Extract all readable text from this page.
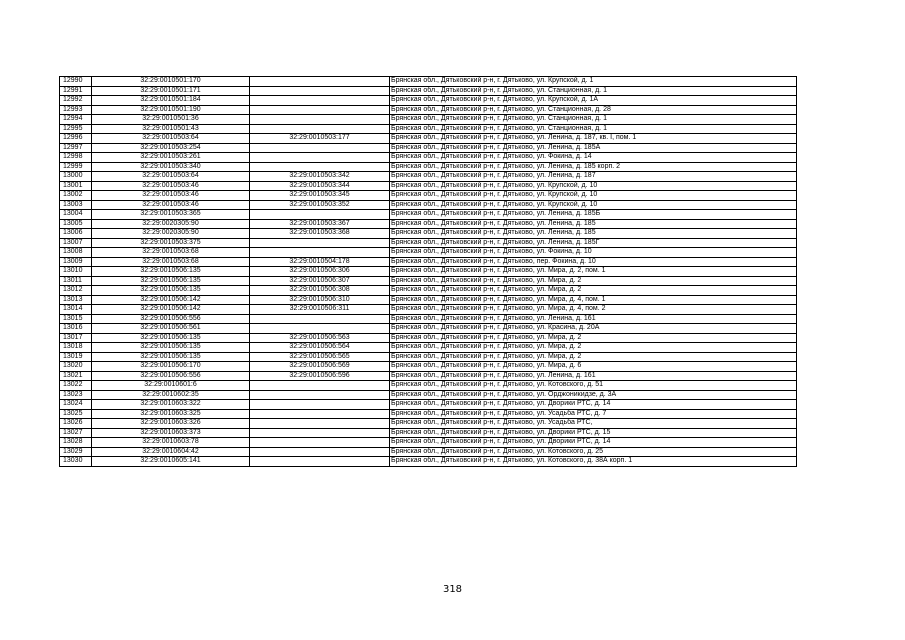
12990	32:29:0010501:170		Брянская обл., Дятьковский р-н, г. Дятьково, ул. Крупской, д. 1
12991	32:29:0010501:171		Брянская обл., Дятьковский р-н, г. Дятьково, ул. Станционная, д. 1
12992	32:29:0010501:184		Брянская обл., Дятьковский р-н, г. Дятьково, ул. Крупской, д. 1А
12993	32:29:0010501:190		Брянская обл., Дятьковский р-н, г. Дятьково, ул. Станционная, д. 28
12994	32:29:0010501:36		Брянская обл., Дятьковский р-н, г. Дятьково, ул. Станционная, д. 1
12995	32:29:0010501:43		Брянская обл., Дятьковский р-н, г. Дятьково, ул. Станционная, д. 1
12996	32:29:0010503:64	32:29:0010503:177	Брянская обл., Дятьковский р-н, г. Дятьково, ул. Ленина, д. 187, кв. I, пом. 1
12997	32:29:0010503:254		Брянская обл., Дятьковский р-н, г. Дятьково, ул. Ленина, д. 185А
12998	32:29:0010503:261		Брянская обл., Дятьковский р-н, г. Дятьково, ул. Фокина, д. 14
12999	32:29:0010503:340		Брянская обл., Дятьковский р-н, г. Дятьково, ул. Ленина, д. 185 корп. 2
13000	32:29:0010503:64	32:29:0010503:342	Брянская обл., Дятьковский р-н, г. Дятьково, ул. Ленина, д. 187
13001	32:29:0010503:46	32:29:0010503:344	Брянская обл., Дятьковский р-н, г. Дятьково, ул. Крупской, д. 10
13002	32:29:0010503:46	32:29:0010503:345	Брянская обл., Дятьковский р-н, г. Дятьково, ул. Крупской, д. 10
13003	32:29:0010503:46	32:29:0010503:352	Брянская обл., Дятьковский р-н, г. Дятьково, ул. Крупской, д. 10
13004	32:29:0010503:365		Брянская обл., Дятьковский р-н, г. Дятьково, ул. Ленина, д. 185Б
13005	32:29:0020305:90	32:29:0010503:367	Брянская обл., Дятьковский р-н, г. Дятьково, ул. Ленина, д. 185
13006	32:29:0020305:90	32:29:0010503:368	Брянская обл., Дятьковский р-н, г. Дятьково, ул. Ленина, д. 185
13007	32:29:0010503:375		Брянская обл., Дятьковский р-н, г. Дятьково, ул. Ленина, д. 185Г
13008	32:29:0010503:68		Брянская обл., Дятьковский р-н, г. Дятьково, ул. Фокина, д. 10
13009	32:29:0010503:68	32:29:0010504:178	Брянская обл., Дятьковский р-н, г. Дятьково, пер. Фокина, д. 10
13010	32:29:0010506:135	32:29:0010506:306	Брянская обл., Дятьковский р-н, г. Дятьково, ул. Мира, д. 2, пом. 1
13011	32:29:0010506:135	32:29:0010506:307	Брянская обл., Дятьковский р-н, г. Дятьково, ул. Мира, д. 2
13012	32:29:0010506:135	32:29:0010506:308	Брянская обл., Дятьковский р-н, г. Дятьково, ул. Мира, д. 2
13013	32:29:0010506:142	32:29:0010506:310	Брянская обл., Дятьковский р-н, г. Дятьково, ул. Мира, д. 4, пом. 1
13014	32:29:0010506:142	32:29:0010506:311	Брянская обл., Дятьковский р-н, г. Дятьково, ул. Мира, д. 4, пом. 2
13015	32:29:0010506:556		Брянская обл., Дятьковский р-н, г. Дятьково, ул. Ленина, д. 161
13016	32:29:0010506:561		Брянская обл., Дятьковский р-н, г. Дятьково, ул. Красина, д. 20А
13017	32:29:0010506:135	32:29:0010506:563	Брянская обл., Дятьковский р-н, г. Дятьково, ул. Мира, д. 2
13018	32:29:0010506:135	32:29:0010506:564	Брянская обл., Дятьковский р-н, г. Дятьково, ул. Мира, д. 2
13019	32:29:0010506:135	32:29:0010506:565	Брянская обл., Дятьковский р-н, г. Дятьково, ул. Мира, д. 2
13020	32:29:0010506:170	32:29:0010506:569	Брянская обл., Дятьковский р-н, г. Дятьково, ул. Мира, д. 6
13021	32:29:0010506:556	32:29:0010506:596	Брянская обл., Дятьковский р-н, г. Дятьково, ул. Ленина, д. 161
13022	32:29:0010601:6		Брянская обл., Дятьковский р-н, г. Дятьково, ул. Котовского, д. 51
13023	32:29:0010602:35		Брянская обл., Дятьковский р-н, г. Дятьково, ул. Орджоникидзе, д. 3А
13024	32:29:0010603:322		Брянская обл., Дятьковский р-н, г. Дятьково, ул. Дворики РТС, д. 14
13025	32:29:0010603:325		Брянская обл., Дятьковский р-н, г. Дятьково, ул. Усадьба РТС, д. 7
13026	32:29:0010603:326		Брянская обл., Дятьковский р-н, г. Дятьково, ул. Усадьба РТС,
13027	32:29:0010603:373		Брянская обл., Дятьковский р-н, г. Дятьково, ул. Дворики РТС, д. 15
13028	32:29:0010603:78		Брянская обл., Дятьковский р-н, г. Дятьково, ул. Дворики РТС, д. 14
13029	32:29:0010604:42		Брянская обл., Дятьковский р-н, г. Дятьково, ул. Котовского, д. 25
13030	32:29:0010605:141		Брянская обл., Дятьковский р-н, г. Дятьково, ул. Котовского, д. 38А корп. 1
318
